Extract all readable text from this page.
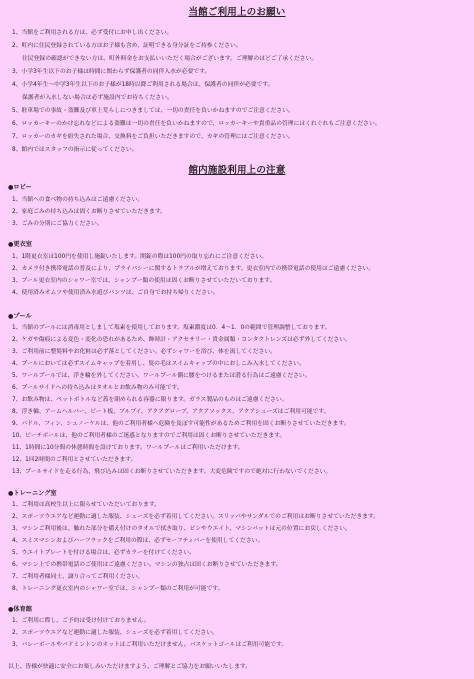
当館ご利用上のお願い
1、当館をご利用される方は、必ず受付にお申し出ください。
2、町内に住民登録されている方はお子様も含め、証明できる身分証をご持参ください。
住民登録の確認ができない方は、町外料金をお支払いいただく場合がございます。ご理解のほどご了承ください。
3、小学3年生以下のお子様は時間に関わらず保護者の同伴入水が必要です。
4、小学4年生～中学3年生以下のお子様が18時以降ご利用される場合は、保護者の同伴が必要です。
保護者が入水しない場合は必ず施設内でお待ちください。
5、駐車場での事故・盗難及び車上荒らしにつきましては、一切の責任を負いかねますのでご注意ください。
6、ロッカーキーのかけ忘れなどによる盗難は一切の責任を負いかねますので、ロッカーキーや貴重品の管理にはくれぐれもご注意ください。
7、ロッカーのカギを紛失された場合、交換料をご負担いただきますので、カギの管理にはご注意ください。
8、館内ではスタッフの指示に従ってください。
館内施設利用上の注意
●ロビー
1、当館への食べ物の持ち込みはご遠慮ください。
2、家庭ごみの持ち込みは固くお断りさせていただきます。
3、ごみの分別にご協力ください。
●更衣室
1、1階更衣室は100円を使用し施錠いたします。開錠の際は100円の取り忘れにご注意ください。
2、カメラ付き携帯電話の普及により、プライバシーに関するトラブルが増えております。更衣室内での携帯電話の使用はご遠慮ください。
3、プール更衣室内のシャワー室では、シャンプー類の使用は固くお断りさせていただいております。
4、使用済みオムツや使用済み水遊びパンツは、ご自身でお持ち帰りください。
●プール
1、当館のプールには消毒用としまして塩素を使用しております。塩素濃度は0．4～1．0の範囲で管理調整しております。
2、ケガや傷痕による変色・変化の恐れがあるため、飾時計・アクセサリー・貴金属類・コンタクトレンズは必ず外してください。
3、ご利用前に整髪料やお化粧は必ず落としてください。必ずシャワーを浴び、体を流してください。
4、プールにおいては必ずスイムキャップを着用し、髪の毛はスイムキャップの中におしこみ入水してください。
5、ワールプールでは、浮き輪を外してください。ワールプール側に腰をつけるまたは潜る行為はご遠慮ください。
6、プールサイドへの持ち込みはタオルとお飲み物のみ可能です。
7、お飲み物は、ペットボトルなど蓋を閉められる容器に限ります。ガラス製品のものはご遠慮ください。
8、浮き輪、アームヘルパー、ビート板、ブルブイ、アクアグローブ、アクアソックス、アクアシューズはご利用可能です。
9、パドル、フィン、シュノーケルは、他のご利用者様へ危険を及ぼす可能性があるためご利用を固くお断りさせていただきます。
10、ビーチボールは、他のご利用者様のご迷惑となりますのでご利用は固くお断りさせていただきます。
11、1時間に10分間の休憩時間を設けております。ワールプールはご利用いただけます。
12、1回2時間のご利用とさせていただきます。
13、プールサイドを走る行為、飛び込みは固くお断りさせていただきます。大変危険ですので絶対に行わないでください。
●トレーニング室
1、ご利用は高校生以上に限らせていただいております。
2、スポーツウエアなど運動に適した服装、シューズを必ず着用してください。スリッパやサンダルでのご利用はお断りさせていただきます。
3、マシンご利用後は、触れた部分を備え付けのタオルで拭き取り、ピンやウエイト、マシンパットは元の位置にお戻しください。
4、スミスマシンおよびハーフラックをご利用の際は、必ずセーフティバーを使用してください。
5、ウエイトプレートを付ける場合は、必ずカラーを付けてください。
6、マシン上での携帯電話のご使用はご遠慮ください。マシンの独占は固くお断りさせていただきます。
7、ご利用者様同士、譲り合ってご利用ください。
8、トレーニング更衣室内のシャワー室では、シャンプー類のご利用が可能です。
●体育館
1、ご利用に際し、ご予約は受け付けておりません。
2、スポーツウエアなど運動に適した服装、シューズを必ず着用してください。
3、バレーボールやバドミントンのネットはご利用いただけません。バスケットゴールはご利用可能です。
以上、皆様が快適に安全にお楽しみいただけますよう、ご理解とご協力をお願いいたします。
